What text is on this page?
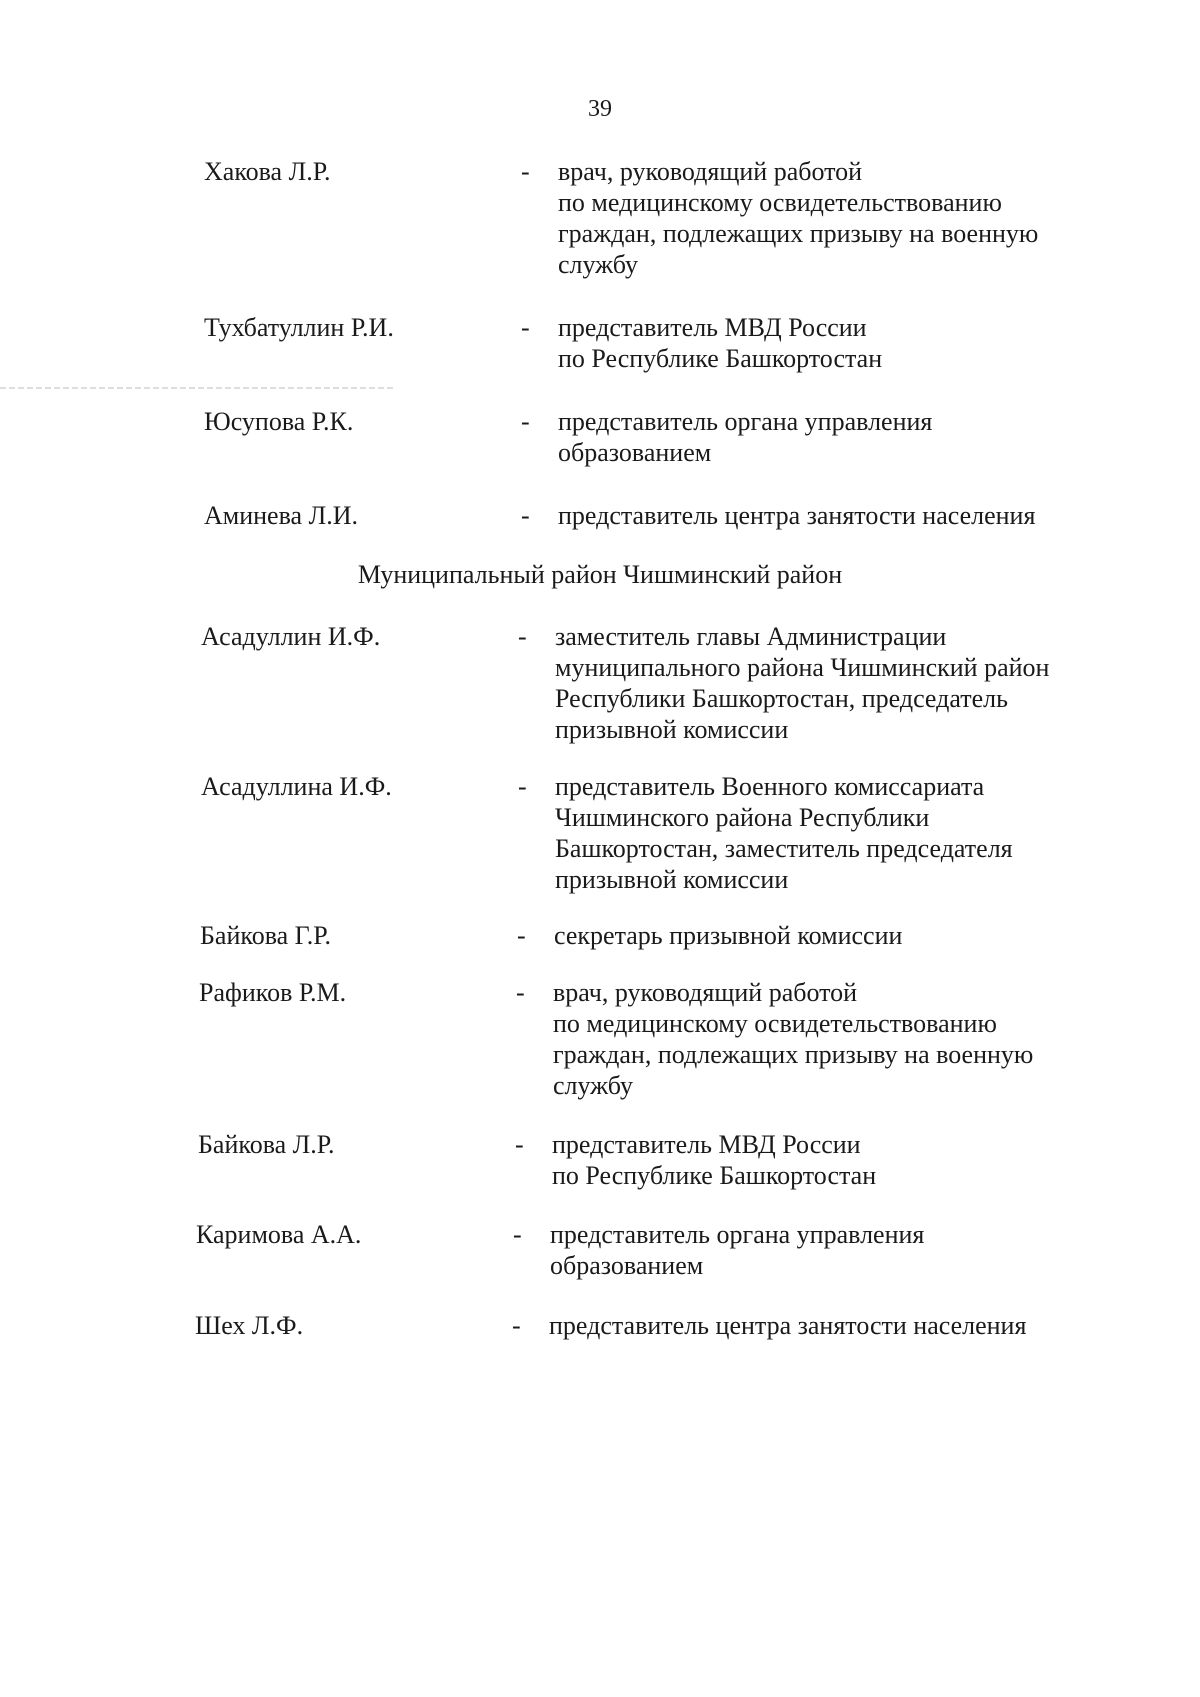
39
Хакова Л.Р.	-	врач, руководящий работой
по медицинскому освидетельствованию
граждан, подлежащих призыву на военную
службу
Тухбатуллин Р.И.	-	представитель МВД России
по Республике Башкортостан
Юсупова Р.К.	-	представитель органа управления
образованием
Аминева Л.И.	-	представитель центра занятости населения
Муниципальный район Чишминский район
Асадуллин И.Ф.	-	заместитель главы Администрации
муниципального района Чишминский район
Республики Башкортостан, председатель
призывной комиссии
Асадуллина И.Ф.	-	представитель Военного комиссариата
Чишминского района Республики
Башкортостан, заместитель председателя
призывной комиссии
Байкова Г.Р.	-	секретарь призывной комиссии
Рафиков Р.М.	-	врач, руководящий работой
по медицинскому освидетельствованию
граждан, подлежащих призыву на военную
службу
Байкова Л.Р.	-	представитель МВД России
по Республике Башкортостан
Каримова А.А.	-	представитель органа управления
образованием
Шех Л.Ф.	-	представитель центра занятости населения
